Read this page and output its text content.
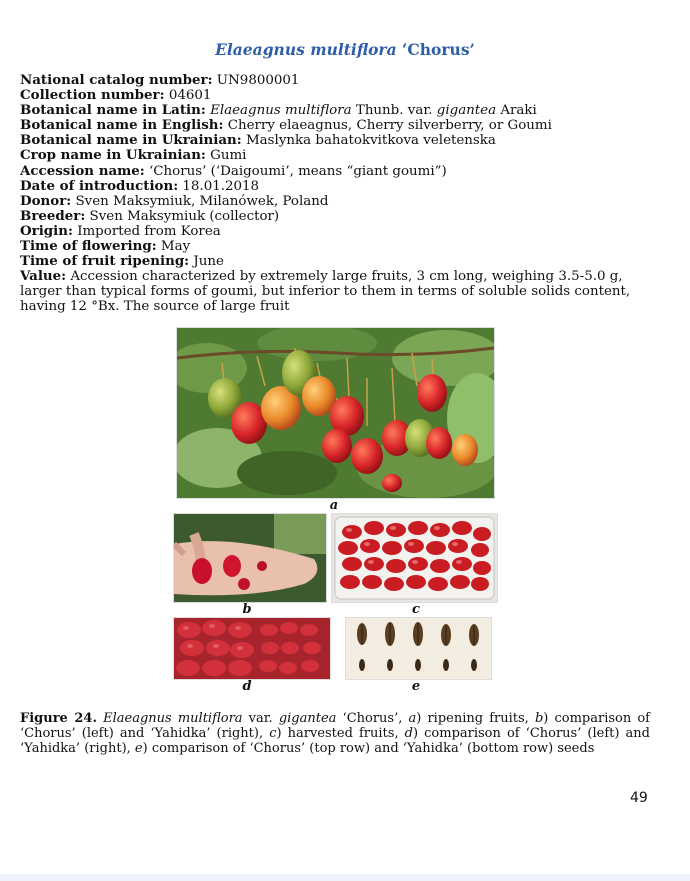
Elaeagnus multiflora ‘Chorus’
National catalog number: UN9800001
Collection number: 04601
Botanical name in Latin: Elaeagnus multiflora Thunb. var. gigantea Araki
Botanical name in English: Cherry elaeagnus, Cherry silverberry, or Goumi
Botanical name in Ukrainian: Maslynka bahatokvitkova veletenska
Crop name in Ukrainian: Gumi
Accession name: ‘Chorus’ (‘Daigoumi’, means “giant goumi”)
Date of introduction: 18.01.2018
Donor: Sven Maksymiuk, Milanówek, Poland
Breeder: Sven Maksymiuk (collector)
Origin: Imported from Korea
Time of flowering: May
Time of fruit ripening: June
Value: Accession characterized by extremely large fruits, 3 cm long, weighing 3.5-5.0 g, larger than typical forms of goumi, but inferior to them in terms of soluble solids content, having 12 °Bx. The source of large fruit
a
b	c
d	e
Figure 24. Elaeagnus multiflora var. gigantea ‘Chorus’, a) ripening fruits, b) comparison of ‘Chorus’ (left) and ‘Yahidka’ (right), c) harvested fruits, d) comparison of ‘Chorus’ (left) and ‘Yahidka’ (right), e) comparison of ‘Chorus’ (top row) and ‘Yahidka’ (bottom row) seeds
49
